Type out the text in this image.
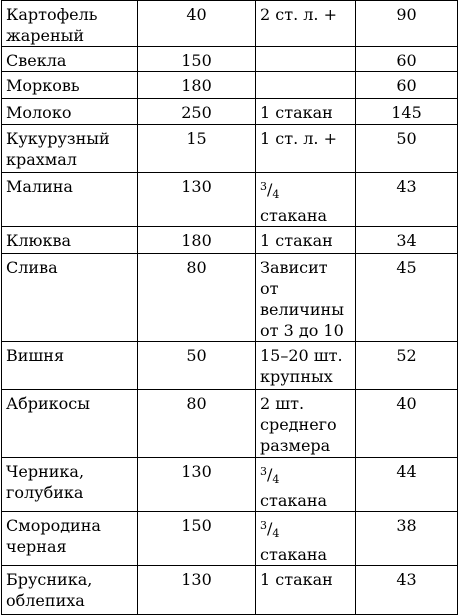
Картофель жареный	40	2 ст. л. +	90
Свекла	150		60
Морковь	180		60
Молоко	250	1 стакан	145
Кукурузный крахмал	15	1 ст. л. +	50
Малина	130	$^3$/4 стакана	43
Клюква	180	1 стакан	34
Слива	80	Зависит от величины от 3 до 10	45
Вишня	50	15–20 шт. крупных	52
Абрикосы	80	2 шт. среднего размера	40
Черника, голубика	130	$^3$/4 стакана	44
Смородина черная	150	$^3$/4 стакана	38
Брусника, облепиха	130	1 стакан	43
